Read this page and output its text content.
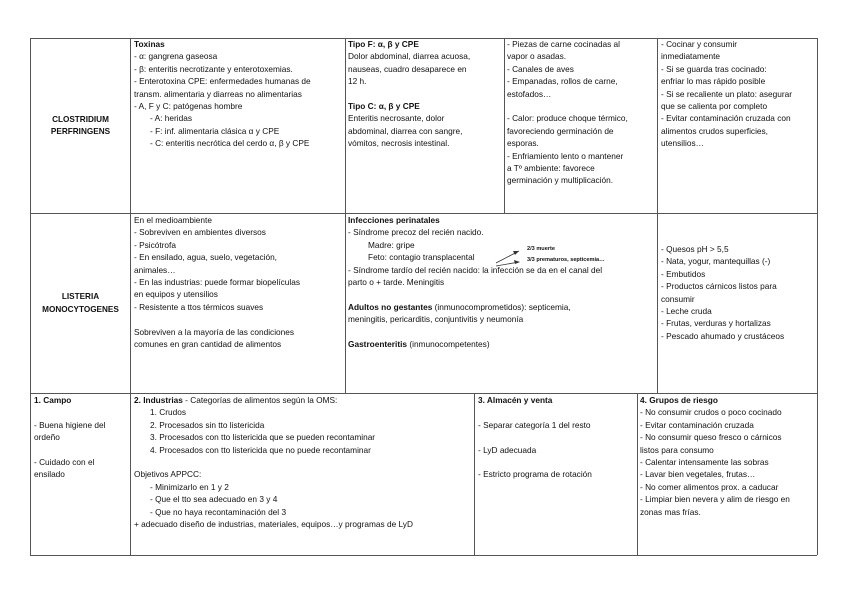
CLOSTRIDIUM
PERFRINGENS
Toxinas
- α: gangrena gaseosa
- β: enteritis necrotizante y enterotoxemias.
- Enterotoxina CPE: enfermedades humanas de
transm. alimentaria y diarreas no alimentarias
- A, F y C: patógenas hombre
- A: heridas
- F: inf. alimentaria clásica α y CPE
- C: enteritis necrótica del cerdo α, β y CPE
Tipo F: α, β y CPE
Dolor abdominal, diarrea acuosa,
nauseas, cuadro desaparece en
12 h.
Tipo C: α, β y CPE
Enteritis necrosante, dolor
abdominal, diarrea con sangre,
vómitos, necrosis intestinal.
- Piezas de carne cocinadas al
vapor o asadas.
- Canales de aves
- Empanadas, rollos de carne,
estofados…
- Calor: produce choque térmico,
favoreciendo germinación de
esporas.
- Enfriamiento lento o mantener
a Tº ambiente: favorece
germinación y multiplicación.
- Cocinar y consumir
inmediatamente
- Si se guarda tras cocinado:
enfriar lo mas rápido posible
- Si se recaliente un plato: asegurar
que se calienta por completo
- Evitar contaminación cruzada con
alimentos crudos superficies,
utensilios…
LISTERIA
MONOCYTOGENES
En el medioambiente
- Sobreviven en ambientes diversos
- Psicótrofa
- En ensilado, agua, suelo, vegetación,
animales…
- En las industrias: puede formar biopelículas
en equipos y utensilios
- Resistente a ttos térmicos suaves
Sobreviven a la mayoría de las condiciones
comunes en gran cantidad de alimentos
Infecciones perinatales
- Síndrome precoz del recién nacido.
Madre: gripe
Feto: contagio transplacental
- Síndrome tardío del recién nacido: la infección se da en el canal del
parto o + tarde. Meningitis
Adultos no gestantes (inmunocomprometidos): septicemia,
meningitis, pericarditis, conjuntivitis y neumonía
Gastroenteritis (inmunocompetentes)
2/3 muerte
3/3 prematuros, septicemia…
- Quesos pH > 5,5
- Nata, yogur, mantequillas (-)
- Embutidos
- Productos cárnicos listos para
consumir
- Leche cruda
- Frutas, verduras y hortalizas
- Pescado ahumado y crustáceos
1. Campo
- Buena higiene del
ordeño
- Cuidado con el
ensilado
2. Industrias - Categorías de alimentos según la OMS:
1. Crudos
2. Procesados sin tto listericida
3. Procesados con tto listericida que se pueden recontaminar
4. Procesados con tto listericida que no puede recontaminar
Objetivos APPCC:
- Minimizarlo en 1 y 2
- Que el tto sea adecuado en 3 y 4
- Que no haya recontaminación del 3
+ adecuado diseño de industrias, materiales, equipos…y programas de LyD
3. Almacén y venta
- Separar categoría 1 del resto
- LyD adecuada
- Estricto programa de rotación
4. Grupos de riesgo
- No consumir crudos o poco cocinado
- Evitar contaminación cruzada
- No consumir queso fresco o cárnicos
listos para consumo
- Calentar intensamente las sobras
- Lavar bien vegetales, frutas…
- No comer alimentos prox. a caducar
- Limpiar bien nevera y alim de riesgo en
zonas mas frías.
